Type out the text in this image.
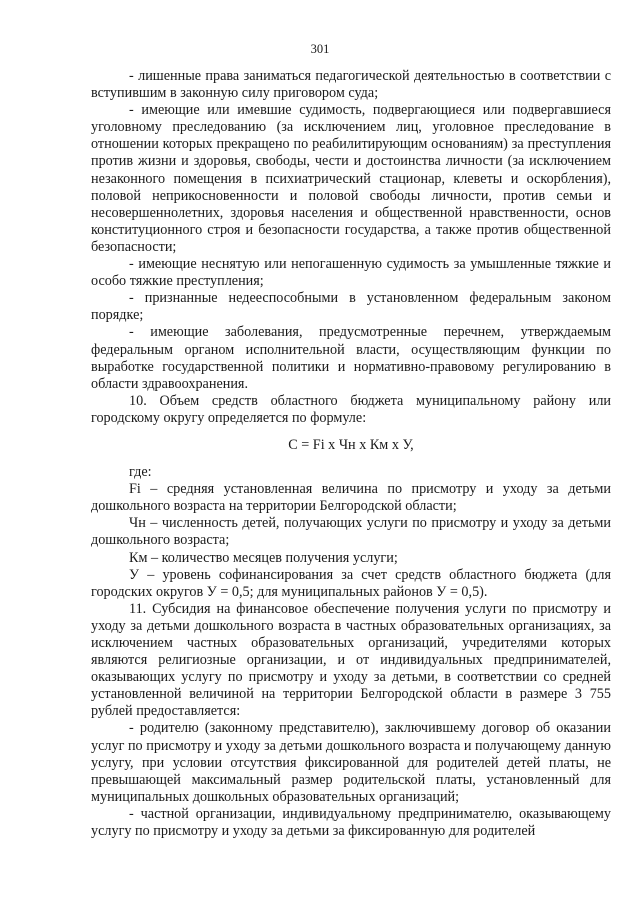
301

- лишенные права заниматься педагогической деятельностью в соответствии с вступившим в законную силу приговором суда;

- имеющие или имевшие судимость, подвергающиеся или подвергавшиеся уголовному преследованию (за исключением лиц, уголовное преследование в отношении которых прекращено по реабилитирующим основаниям) за преступления против жизни и здоровья, свободы, чести и достоинства личности (за исключением незаконного помещения в психиатрический стационар, клеветы и оскорбления), половой неприкосновенности и половой свободы личности, против семьи и несовершеннолетних, здоровья населения и общественной нравственности, основ конституционного строя и безопасности государства, а также против общественной безопасности;

- имеющие неснятую или непогашенную судимость за умышленные тяжкие и особо тяжкие преступления;

- признанные недееспособными в установленном федеральным законом порядке;

- имеющие заболевания, предусмотренные перечнем, утверждаемым федеральным органом исполнительной власти, осуществляющим функции по выработке государственной политики и нормативно-правовому регулированию в области здравоохранения.

10. Объем средств областного бюджета муниципальному району или городскому округу определяется по формуле:

С = Fi х Чн х Км х У,

где:

Fi – средняя установленная величина по присмотру и уходу за детьми дошкольного возраста на территории Белгородской области;

Чн – численность детей, получающих услуги по присмотру и уходу за детьми дошкольного возраста;

Км – количество месяцев получения услуги;

У – уровень софинансирования за счет средств областного бюджета (для городских округов У = 0,5; для муниципальных районов У = 0,5).

11. Субсидия на финансовое обеспечение получения услуги по присмотру и уходу за детьми дошкольного возраста в частных образовательных организациях, за исключением частных образовательных организаций, учредителями которых являются религиозные организации, и от индивидуальных предпринимателей, оказывающих услугу по присмотру и уходу за детьми, в соответствии со средней установленной величиной на территории Белгородской области в размере 3 755 рублей предоставляется:

- родителю (законному представителю), заключившему договор об оказании услуг по присмотру и уходу за детьми дошкольного возраста и получающему данную услугу, при условии отсутствия фиксированной для родителей детей платы, не превышающей максимальный размер родительской платы, установленный для муниципальных дошкольных образовательных организаций;

- частной организации, индивидуальному предпринимателю, оказывающему услугу по присмотру и уходу за детьми за фиксированную для родителей
